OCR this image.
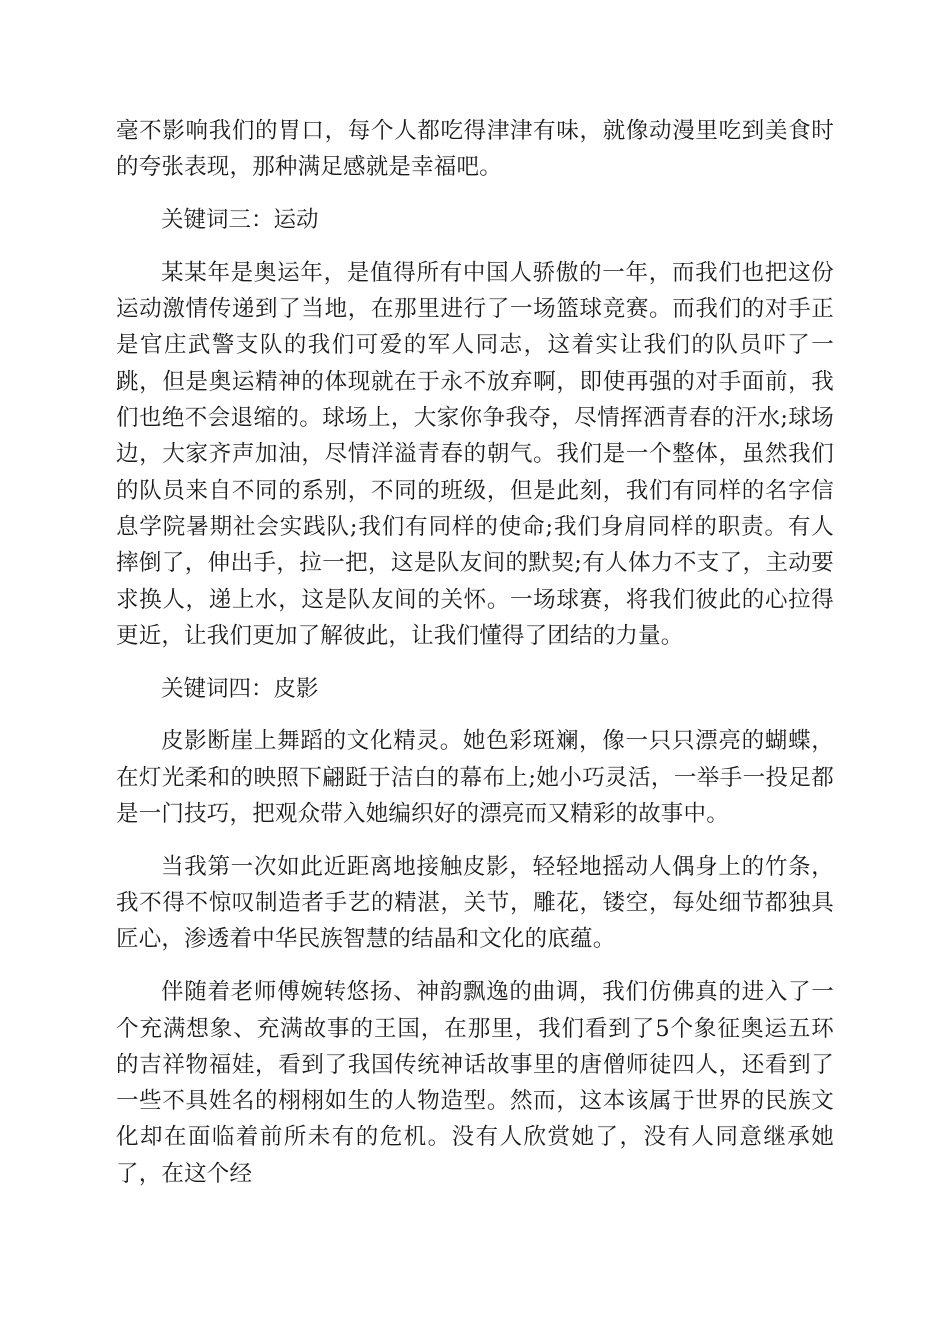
毫不影响我们的胃口，每个人都吃得津津有味，就像动漫里吃到美食时的夸张表现，那种满足感就是幸福吧。

关键词三：运动

某某年是奥运年，是值得所有中国人骄傲的一年，而我们也把这份运动激情传递到了当地，在那里进行了一场篮球竞赛。而我们的对手正是官庄武警支队的我们可爱的军人同志，这着实让我们的队员吓了一跳，但是奥运精神的体现就在于永不放弃啊，即使再强的对手面前，我们也绝不会退缩的。球场上，大家你争我夺，尽情挥洒青春的汗水;球场边，大家齐声加油，尽情洋溢青春的朝气。我们是一个整体，虽然我们的队员来自不同的系别，不同的班级，但是此刻，我们有同样的名字信息学院暑期社会实践队;我们有同样的使命;我们身肩同样的职责。有人摔倒了，伸出手，拉一把，这是队友间的默契;有人体力不支了，主动要求换人，递上水，这是队友间的关怀。一场球赛，将我们彼此的心拉得更近，让我们更加了解彼此，让我们懂得了团结的力量。

关键词四：皮影

皮影断崖上舞蹈的文化精灵。她色彩斑斓，像一只只漂亮的蝴蝶，在灯光柔和的映照下翩跹于洁白的幕布上;她小巧灵活，一举手一投足都是一门技巧，把观众带入她编织好的漂亮而又精彩的故事中。

当我第一次如此近距离地接触皮影，轻轻地摇动人偶身上的竹条，我不得不惊叹制造者手艺的精湛，关节，雕花，镂空，每处细节都独具匠心，渗透着中华民族智慧的结晶和文化的底蕴。

伴随着老师傅婉转悠扬、神韵飘逸的曲调，我们仿佛真的进入了一个充满想象、充满故事的王国，在那里，我们看到了5个象征奥运五环的吉祥物福娃，看到了我国传统神话故事里的唐僧师徒四人，还看到了一些不具姓名的栩栩如生的人物造型。然而，这本该属于世界的民族文化却在面临着前所未有的危机。没有人欣赏她了，没有人同意继承她了，在这个经
